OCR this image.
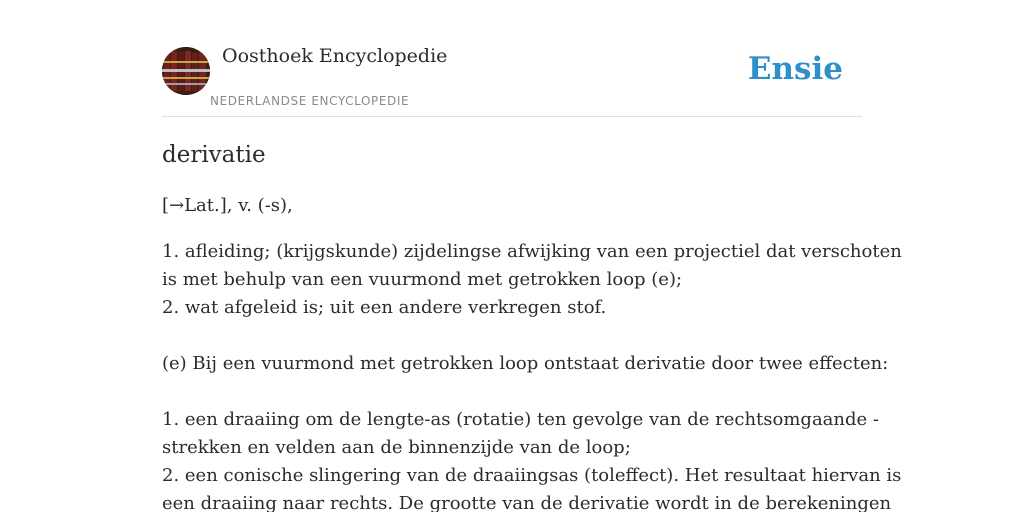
Oosthoek Encyclopedie
NEDERLANDSE ENCYCLOPEDIE
Ensie
derivatie

[→Lat.], v. (-s),

1. afleiding; (krijgskunde) zijdelingse afwijking van een projectiel dat verschoten
is met behulp van een vuurmond met getrokken loop (e);
2. wat afgeleid is; uit een andere verkregen stof.
(e) Bij een vuurmond met getrokken loop ontstaat derivatie door twee effecten:
1. een draaiing om de lengte-as (rotatie) ten gevolge van de rechtsomgaande -
strekken en velden aan de binnenzijde van de loop;
2. een conische slingering van de draaiingsas (toleffect). Het resultaat hiervan is
een draaiing naar rechts. De grootte van de derivatie wordt in de berekeningen
